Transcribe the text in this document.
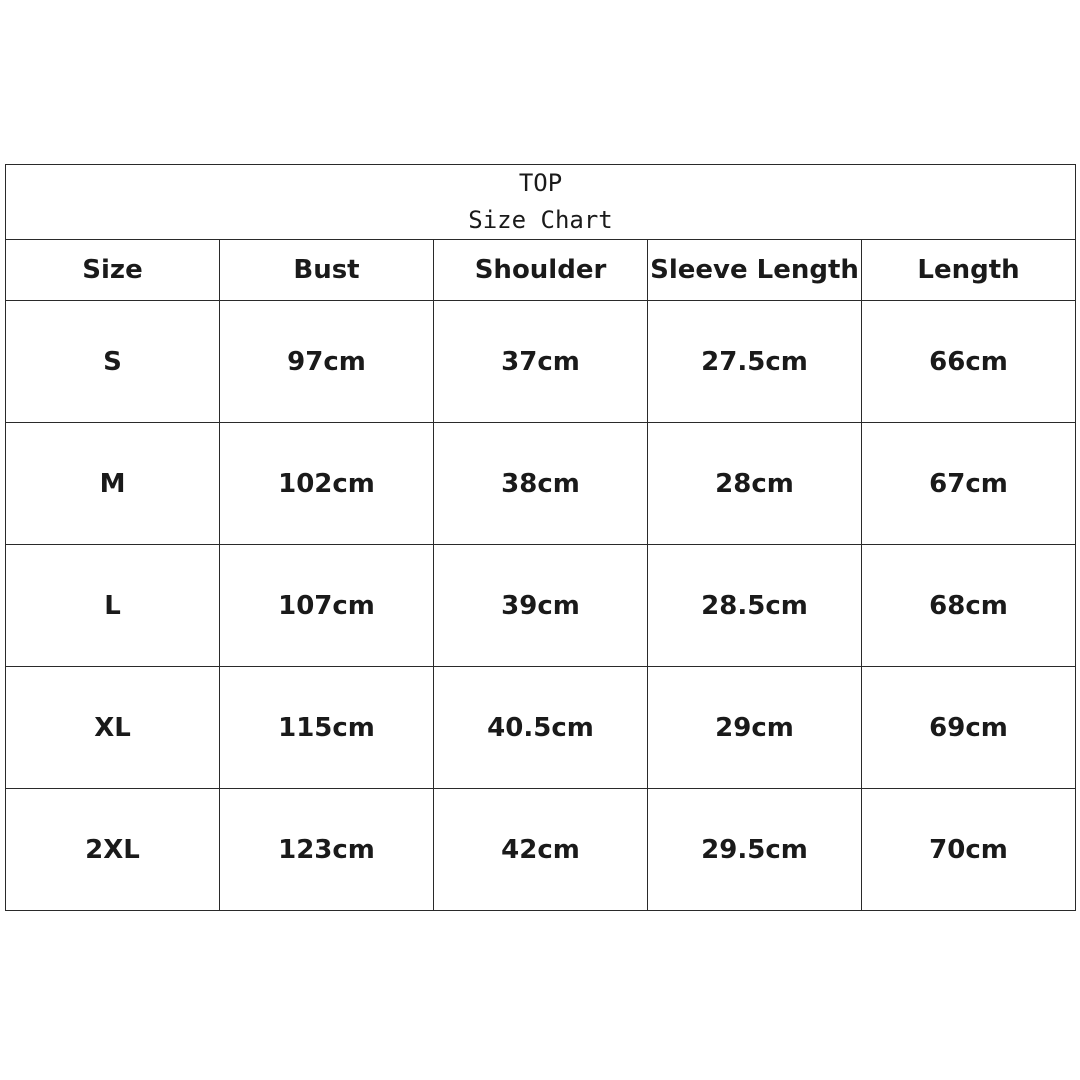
TOP
Size Chart				

Size	Bust	Shoulder	Sleeve Length	Length
S	97cm	37cm	27.5cm	66cm
M	102cm	38cm	28cm	67cm
L	107cm	39cm	28.5cm	68cm
XL	115cm	40.5cm	29cm	69cm
2XL	123cm	42cm	29.5cm	70cm
